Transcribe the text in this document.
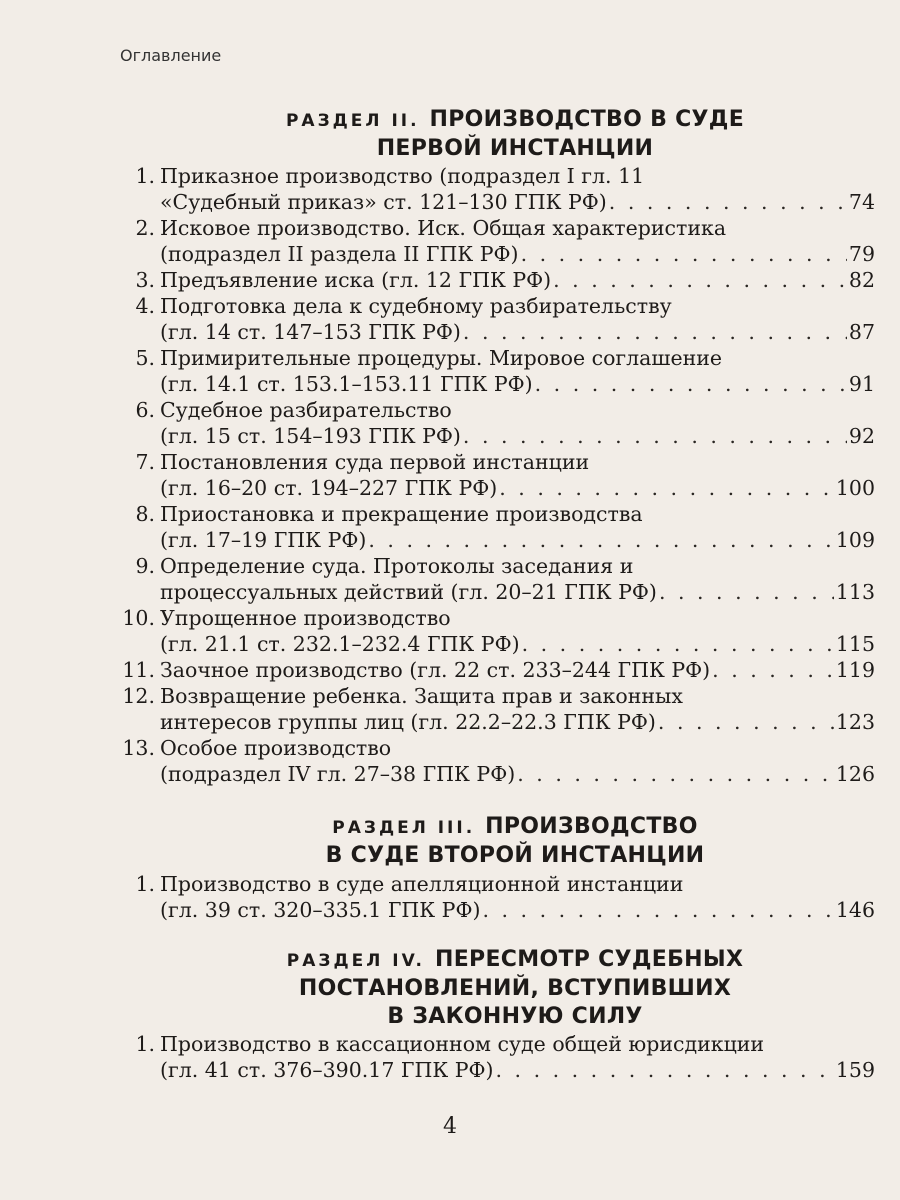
Оглавление
РАЗДЕЛ II. ПРОИЗВОДСТВО В СУДЕ
ПЕРВОЙ ИНСТАНЦИИ
1. Приказное производство (подраздел I гл. 11
«Судебный приказ» ст. 121–130 ГПК РФ) . . .	74
2. Исковое производство. Иск. Общая характеристика
(подраздел II раздела II ГПК РФ) . . .	79
3. Предъявление иска (гл. 12 ГПК РФ) . . .	82
4. Подготовка дела к судебному разбирательству
(гл. 14 ст. 147–153 ГПК РФ) . . .	87
5. Примирительные процедуры. Мировое соглашение
(гл. 14.1 ст. 153.1–153.11 ГПК РФ) . . .	91
6. Судебное разбирательство
(гл. 15 ст. 154–193 ГПК РФ) . . .	92
7. Постановления суда первой инстанции
(гл. 16–20 ст. 194–227 ГПК РФ) . . .	100
8. Приостановка и прекращение производства
(гл. 17–19 ГПК РФ) . . .	109
9. Определение суда. Протоколы заседания и
процессуальных действий (гл. 20–21 ГПК РФ) . . .	113
10. Упрощенное производство
(гл. 21.1 ст. 232.1–232.4 ГПК РФ) . . .	115
11. Заочное производство (гл. 22 ст. 233–244 ГПК РФ) . . .	119
12. Возвращение ребенка. Защита прав и законных
интересов группы лиц (гл. 22.2–22.3 ГПК РФ) . . .	123
13. Особое производство
(подраздел IV гл. 27–38 ГПК РФ) . . .	126
РАЗДЕЛ III. ПРОИЗВОДСТВО
В СУДЕ ВТОРОЙ ИНСТАНЦИИ
1. Производство в суде апелляционной инстанции
(гл. 39 ст. 320–335.1 ГПК РФ) . . .	146
РАЗДЕЛ IV. ПЕРЕСМОТР СУДЕБНЫХ
ПОСТАНОВЛЕНИЙ, ВСТУПИВШИХ
В ЗАКОННУЮ СИЛУ
1. Производство в кассационном суде общей юрисдикции
(гл. 41 ст. 376–390.17 ГПК РФ) . . .	159
4
